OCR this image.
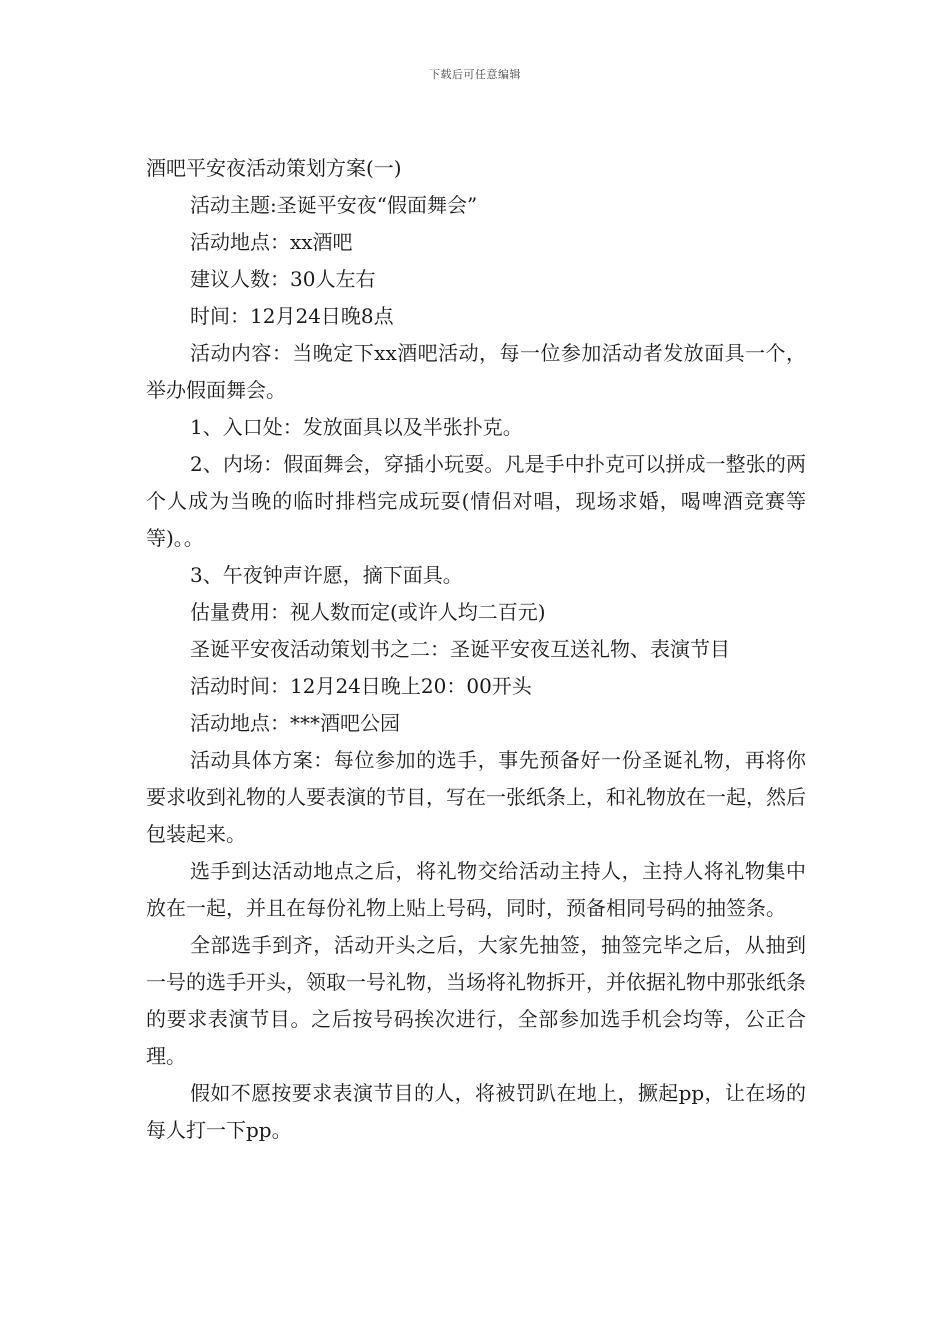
下载后可任意编辑

酒吧平安夜活动策划方案(一)

活动主题:圣诞平安夜“假面舞会”

活动地点：xx酒吧

建议人数：30人左右

时间：12月24日晚8点

活动内容：当晚定下xx酒吧活动，每一位参加活动者发放面具一个，举办假面舞会。

1、入口处：发放面具以及半张扑克。

2、内场：假面舞会，穿插小玩耍。凡是手中扑克可以拼成一整张的两个人成为当晚的临时排档完成玩耍(情侣对唱，现场求婚，喝啤酒竞赛等等)。。

3、午夜钟声许愿，摘下面具。

估量费用：视人数而定(或许人均二百元)

圣诞平安夜活动策划书之二：圣诞平安夜互送礼物、表演节目

活动时间：12月24日晚上20：00开头

活动地点：***酒吧公园

活动具体方案：每位参加的选手，事先预备好一份圣诞礼物，再将你要求收到礼物的人要表演的节目，写在一张纸条上，和礼物放在一起，然后包装起来。

选手到达活动地点之后，将礼物交给活动主持人，主持人将礼物集中放在一起，并且在每份礼物上贴上号码，同时，预备相同号码的抽签条。

全部选手到齐，活动开头之后，大家先抽签，抽签完毕之后，从抽到一号的选手开头，领取一号礼物，当场将礼物拆开，并依据礼物中那张纸条的要求表演节目。之后按号码挨次进行，全部参加选手机会均等，公正合理。

假如不愿按要求表演节目的人，将被罚趴在地上，撅起pp，让在场的每人打一下pp。
